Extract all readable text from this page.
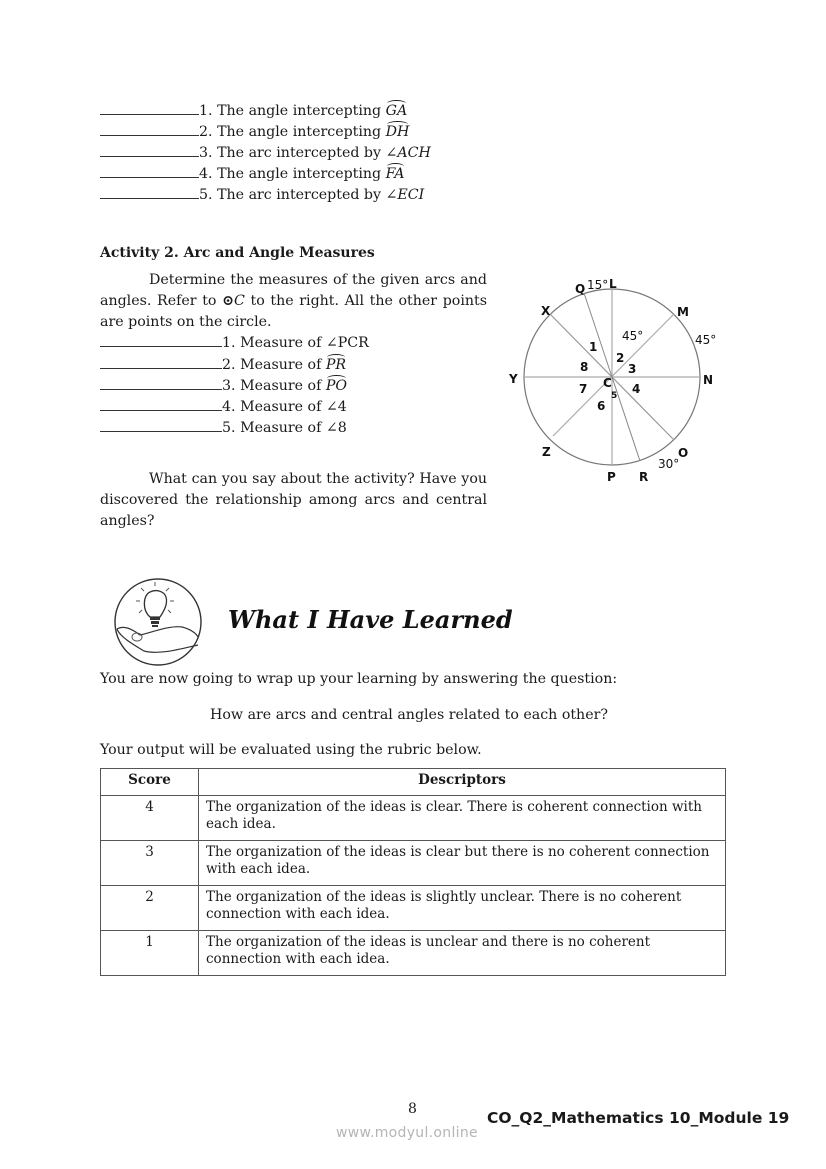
1. The angle intercepting GA
2. The angle intercepting DH
3. The arc intercepted by ∠ACH
4. The angle intercepting FA
5. The arc intercepted by ∠ECI
Activity 2. Arc and Angle Measures
Determine the measures of the given arcs and angles. Refer to ⊙C to the right. All the other points are points on the circle.
1. Measure of ∠PCR
2. Measure of PR
3. Measure of PO
4. Measure of ∠4
5. Measure of ∠8
What can you say about the activity? Have you discovered the relationship among arcs and central angles?
Q L
15°
X	M
45°	45°
Y	N
C
Z
P R
30°
O
1
2
3
4
5
6
7
8
What I Have Learned
You are now going to wrap up your learning by answering the question:
How are arcs and central angles related to each other?
Your output will be evaluated using the rubric below.
Score	Descriptors
4	The organization of the ideas is clear. There is coherent connection with each idea.
3	The organization of the ideas is clear but there is no coherent connection with each idea.
2	The organization of the ideas is slightly unclear. There is no coherent connection with each idea.
1	The organization of the ideas is unclear and there is no coherent connection with each idea.
8	CO_Q2_Mathematics 10_Module 19
www.modyul.online
